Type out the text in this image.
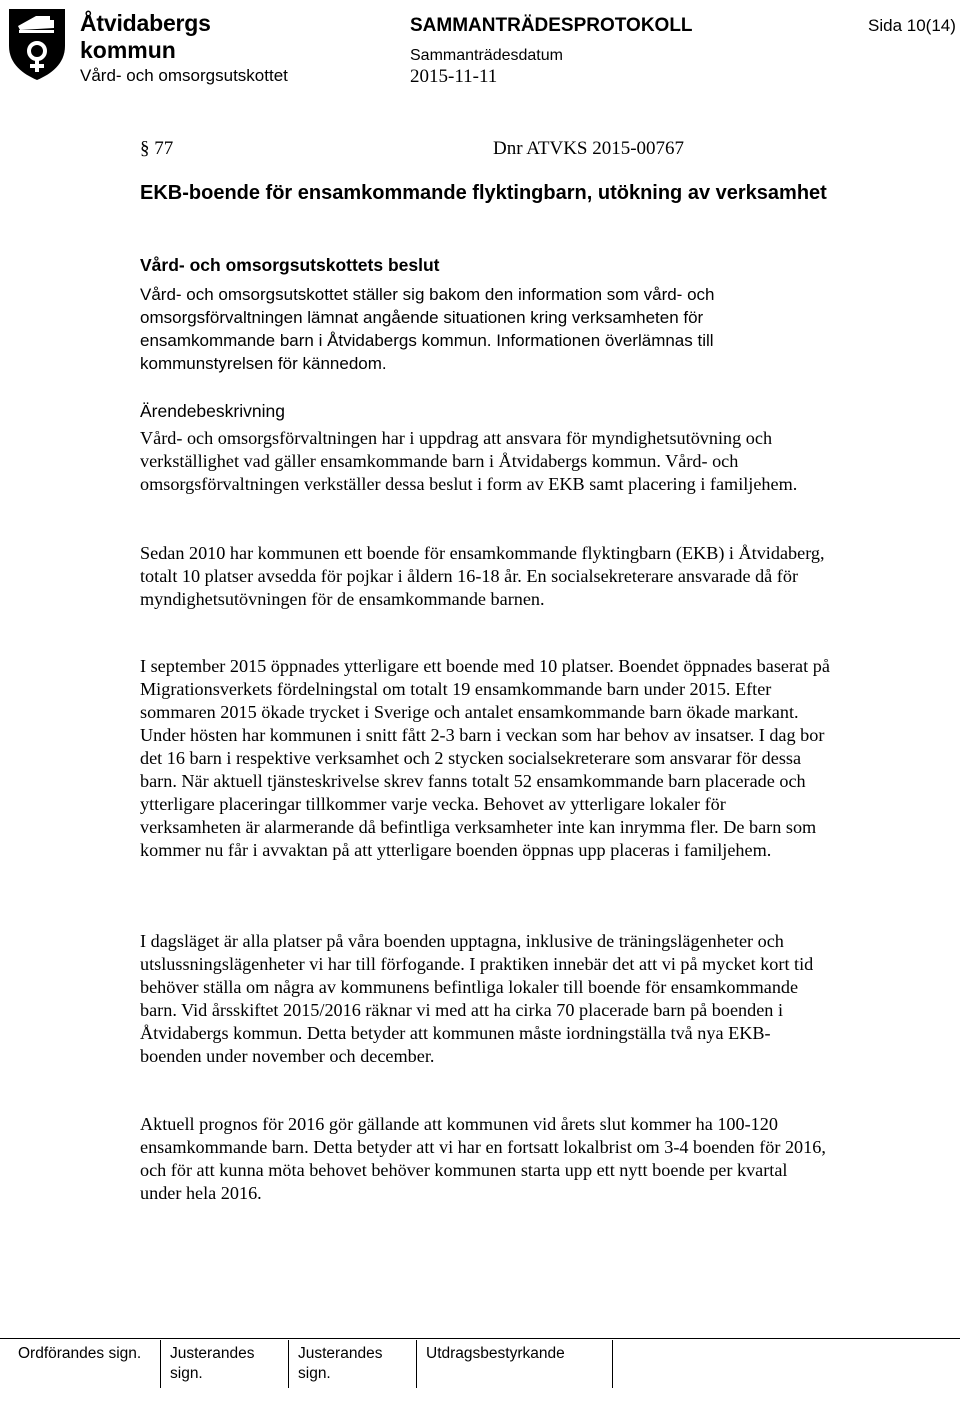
Åtvidabergs
kommun
Vård- och omsorgsutskottet
SAMMANTRÄDESPROTOKOLL
Sammanträdesdatum
2015-11-11
Sida 10(14)
§ 77	Dnr ATVKS 2015-00767
EKB-boende för ensamkommande flyktingbarn, utökning av verksamhet
Vård- och omsorgsutskottets beslut

Vård- och omsorgsutskottet ställer sig bakom den information som vård- och omsorgsförvaltningen lämnat angående situationen kring verksamheten för ensamkommande barn i Åtvidabergs kommun. Informationen överlämnas till kommunstyrelsen för kännedom.

Ärendebeskrivning

Vård- och omsorgsförvaltningen har i uppdrag att ansvara för myndighetsutövning och verkställighet vad gäller ensamkommande barn i Åtvidabergs kommun. Vård- och omsorgsförvaltningen verkställer dessa beslut i form av EKB samt placering i familjehem.

Sedan 2010 har kommunen ett boende för ensamkommande flyktingbarn (EKB) i Åtvidaberg, totalt 10 platser avsedda för pojkar i åldern 16-18 år. En socialsekreterare ansvarade då för myndighetsutövningen för de ensamkommande barnen.

I september 2015 öppnades ytterligare ett boende med 10 platser. Boendet öppnades baserat på Migrationsverkets fördelningstal om totalt 19 ensamkommande barn under 2015. Efter sommaren 2015 ökade trycket i Sverige och antalet ensamkommande barn ökade markant. Under hösten har kommunen i snitt fått 2-3 barn i veckan som har behov av insatser. I dag bor det 16 barn i respektive verksamhet och 2 stycken socialsekreterare som ansvarar för dessa barn. När aktuell tjänsteskrivelse skrev fanns totalt 52 ensamkommande barn placerade och ytterligare placeringar tillkommer varje vecka. Behovet av ytterligare lokaler för verksamheten är alarmerande då befintliga verksamheter inte kan inrymma fler. De barn som kommer nu får i avvaktan på att ytterligare boenden öppnas upp placeras i familjehem.

I dagsläget är alla platser på våra boenden upptagna, inklusive de träningslägenheter och utslussningslägenheter vi har till förfogande. I praktiken innebär det att vi på mycket kort tid behöver ställa om några av kommunens befintliga lokaler till boende för ensamkommande barn. Vid årsskiftet 2015/2016 räknar vi med att ha cirka 70 placerade barn på boenden i Åtvidabergs kommun. Detta betyder att kommunen måste iordningställa två nya EKB-boenden under november och december.

Aktuell prognos för 2016 gör gällande att kommunen vid årets slut kommer ha 100-120 ensamkommande barn. Detta betyder att vi har en fortsatt lokalbrist om 3-4 boenden för 2016, och för att kunna möta behovet behöver kommunen starta upp ett nytt boende per kvartal under hela 2016.

Ordförandes sign. Justerandes
sign.
Justerandes
sign.
Utdragsbestyrkande
